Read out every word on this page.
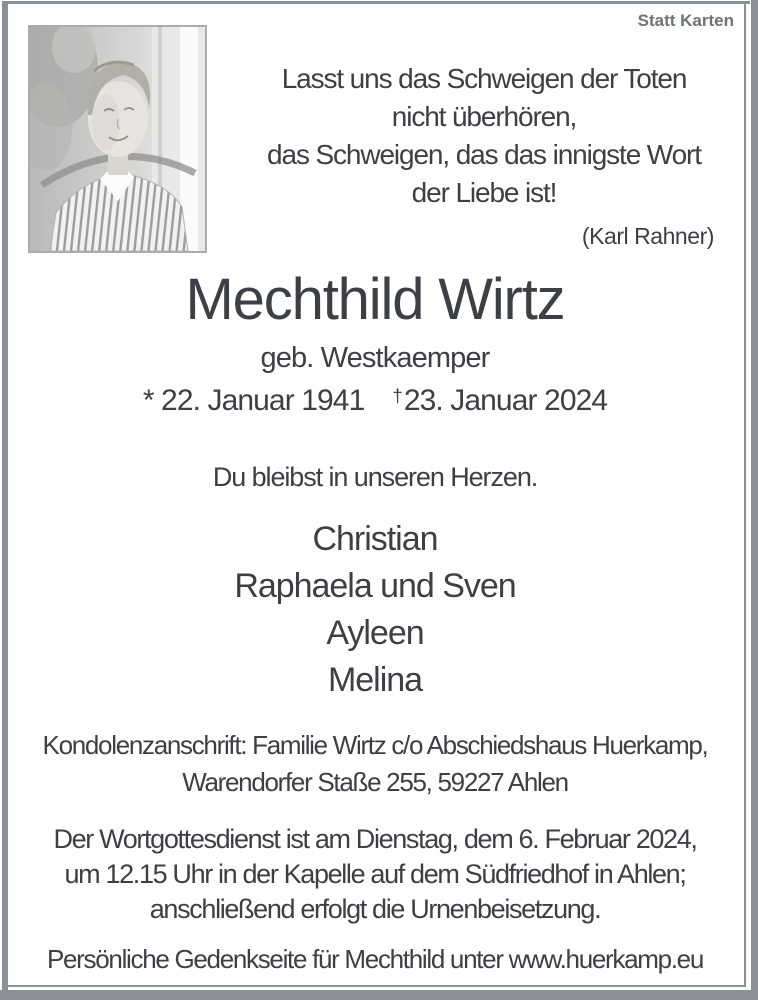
Statt Karten
Lasst uns das Schweigen der Toten
nicht überhören,
das Schweigen, das das innigste Wort
der Liebe ist!
(Karl Rahner)
Mechthild Wirtz
geb. Westkaemper
* 22. Januar 1941 †23. Januar 2024
Du bleibst in unseren Herzen.
Christian
Raphaela und Sven
Ayleen
Melina
Kondolenzanschrift: Familie Wirtz c/o Abschiedshaus Huerkamp,
Warendorfer Staße 255, 59227 Ahlen
Der Wortgottesdienst ist am Dienstag, dem 6. Februar 2024,
um 12.15 Uhr in der Kapelle auf dem Südfriedhof in Ahlen;
anschließend erfolgt die Urnenbeisetzung.
Persönliche Gedenkseite für Mechthild unter www.huerkamp.eu
